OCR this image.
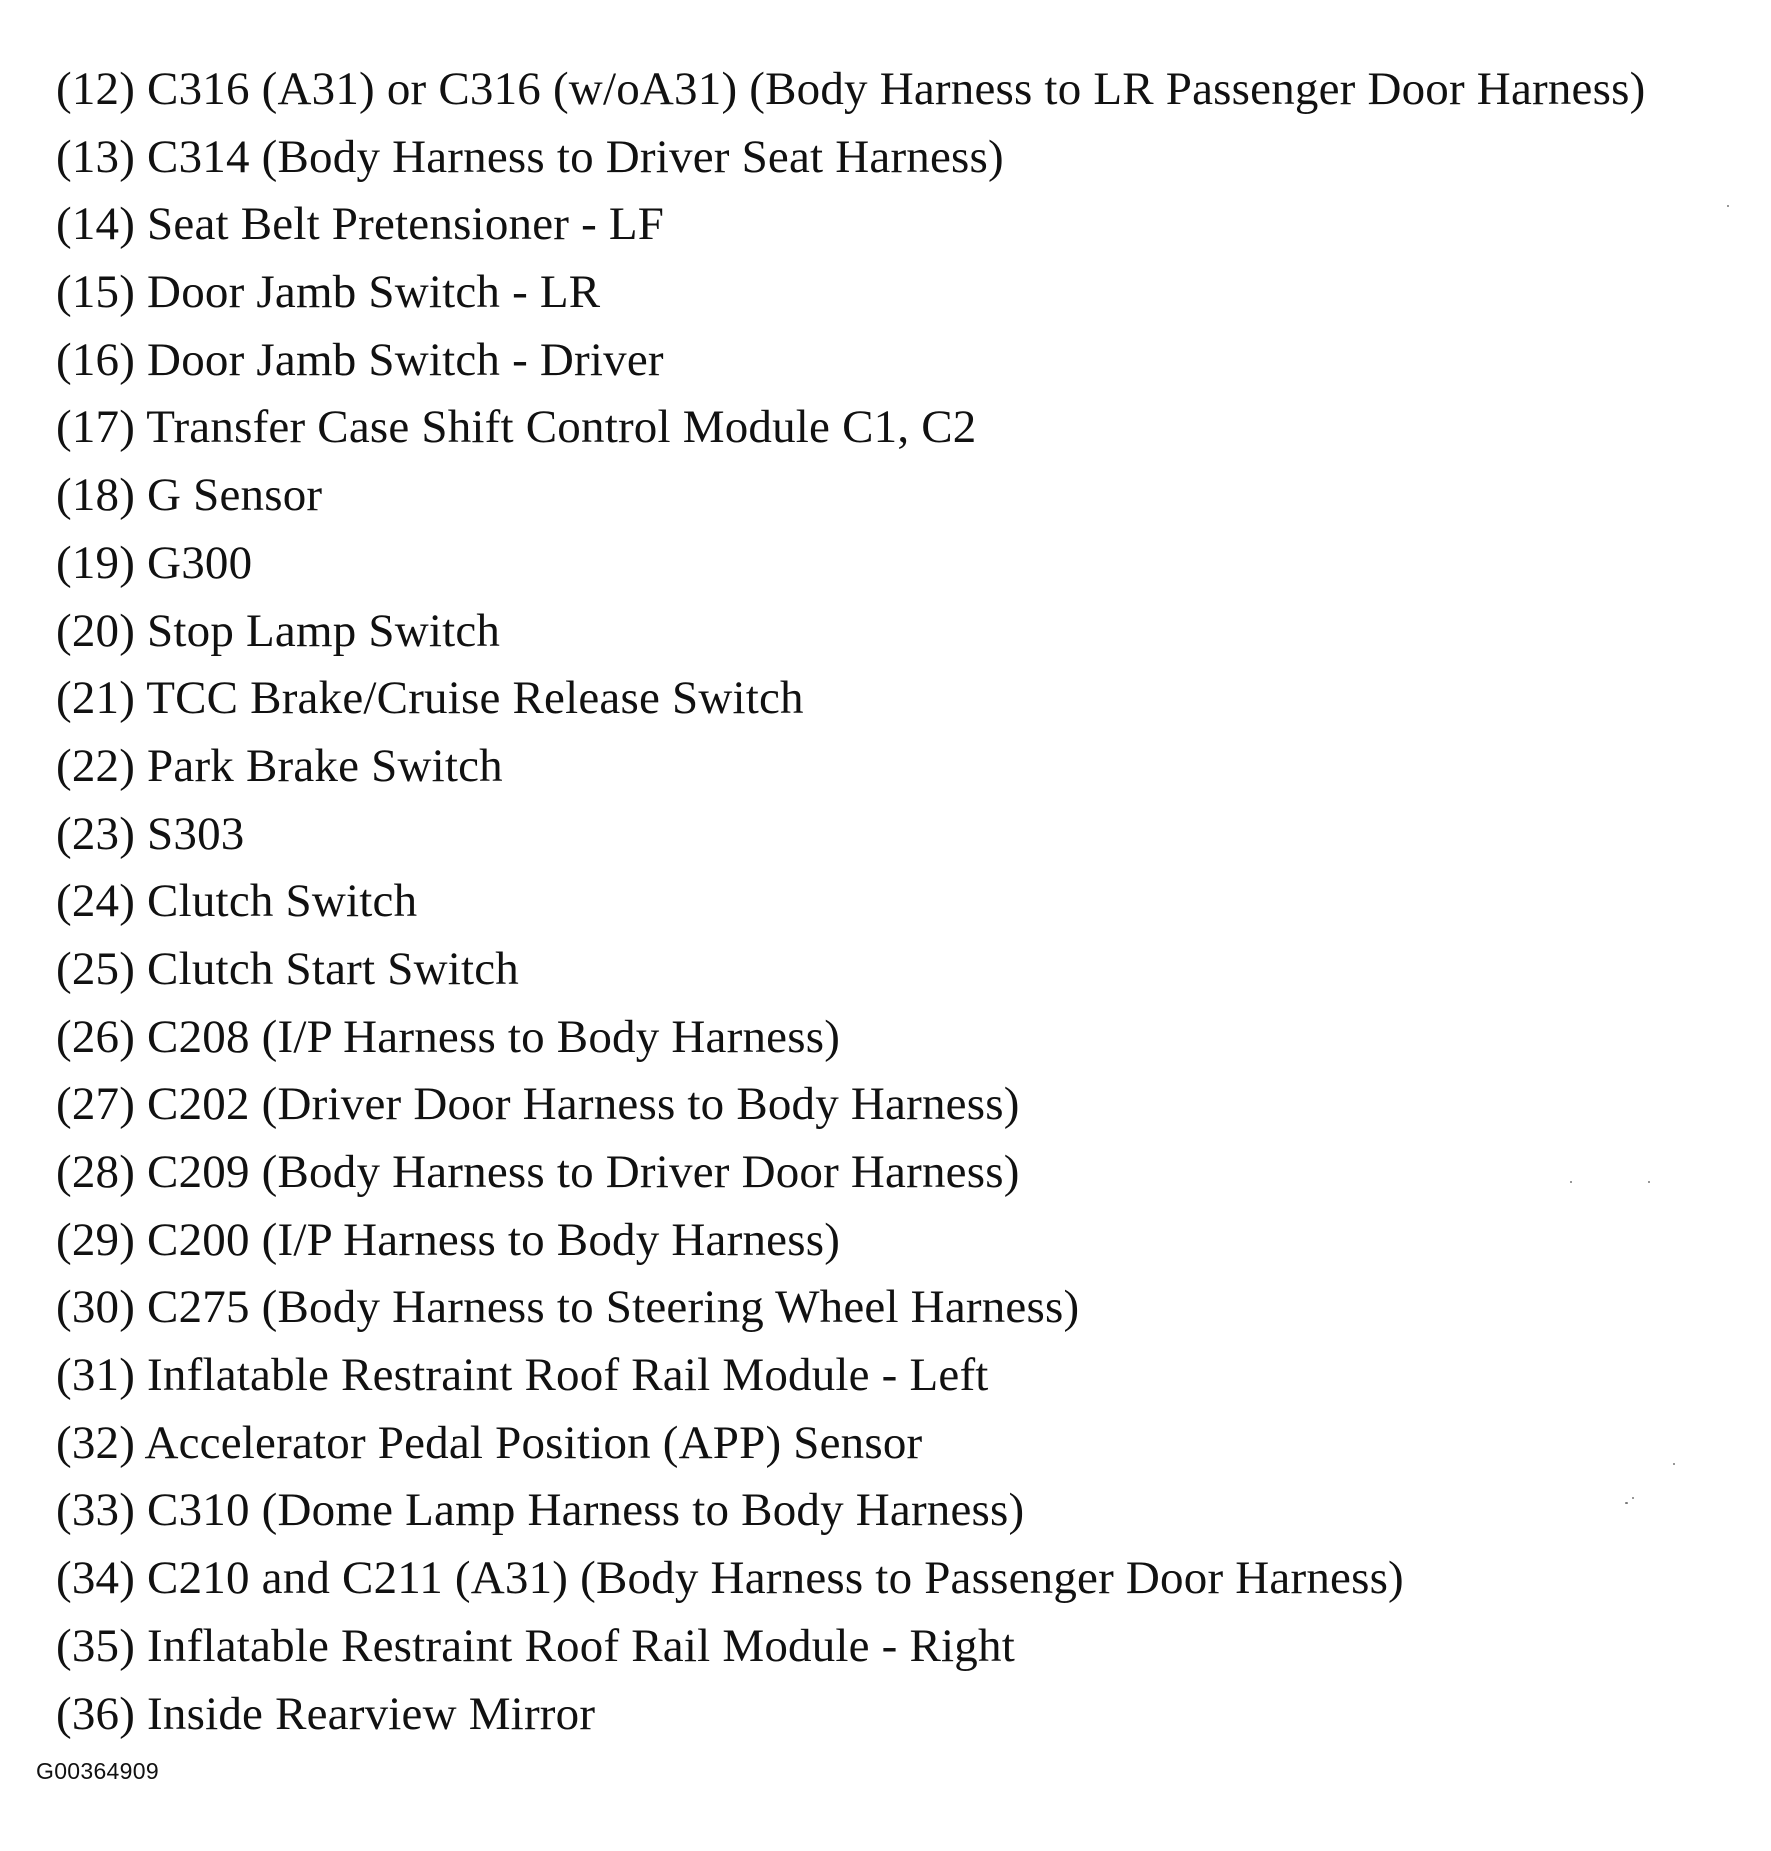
(12) C316 (A31) or C316 (w/oA31) (Body Harness to LR Passenger Door Harness)
(13) C314 (Body Harness to Driver Seat Harness)
(14) Seat Belt Pretensioner - LF
(15) Door Jamb Switch - LR
(16) Door Jamb Switch - Driver
(17) Transfer Case Shift Control Module C1, C2
(18) G Sensor
(19) G300
(20) Stop Lamp Switch
(21) TCC Brake/Cruise Release Switch
(22) Park Brake Switch
(23) S303
(24) Clutch Switch
(25) Clutch Start Switch
(26) C208 (I/P Harness to Body Harness)
(27) C202 (Driver Door Harness to Body Harness)
(28) C209 (Body Harness to Driver Door Harness)
(29) C200 (I/P Harness to Body Harness)
(30) C275 (Body Harness to Steering Wheel Harness)
(31) Inflatable Restraint Roof Rail Module - Left
(32) Accelerator Pedal Position (APP) Sensor
(33) C310 (Dome Lamp Harness to Body Harness)
(34) C210 and C211 (A31) (Body Harness to Passenger Door Harness)
(35) Inflatable Restraint Roof Rail Module - Right
(36) Inside Rearview Mirror
G00364909
